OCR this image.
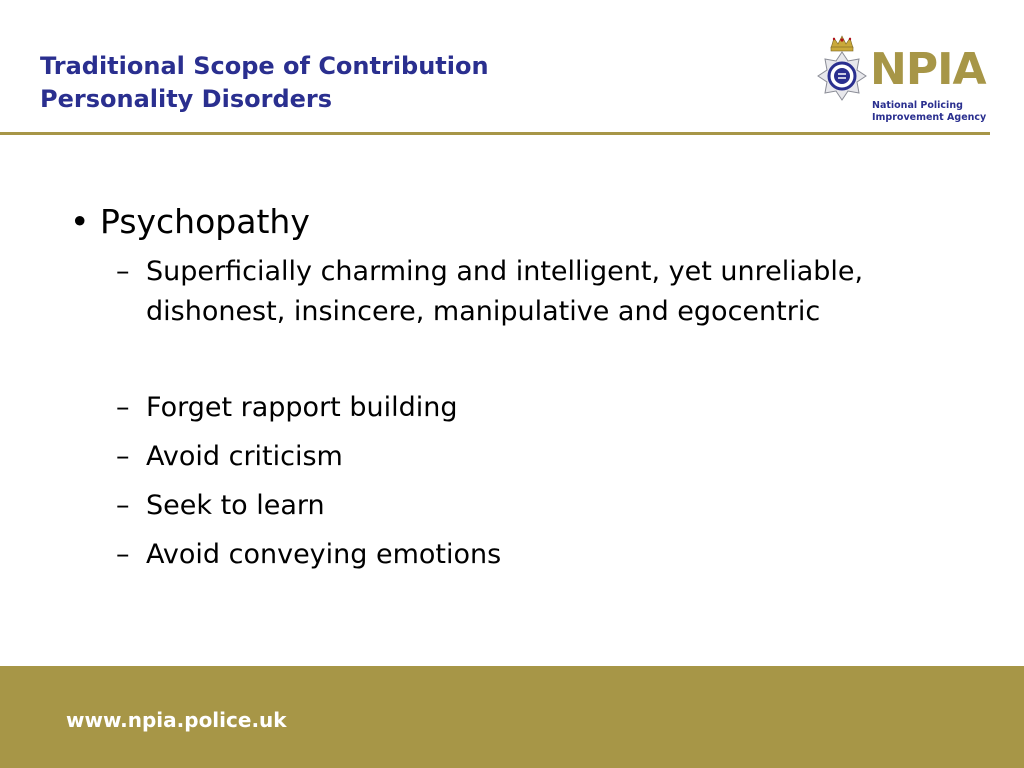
Traditional Scope of Contribution
Personality Disorders
NPIA
National Policing
Improvement Agency
• Psychopathy
– Superficially charming and intelligent, yet unreliable, dishonest, insincere, manipulative and egocentric
– Forget rapport building
– Avoid criticism
– Seek to learn
– Avoid conveying emotions
www.npia.police.uk
